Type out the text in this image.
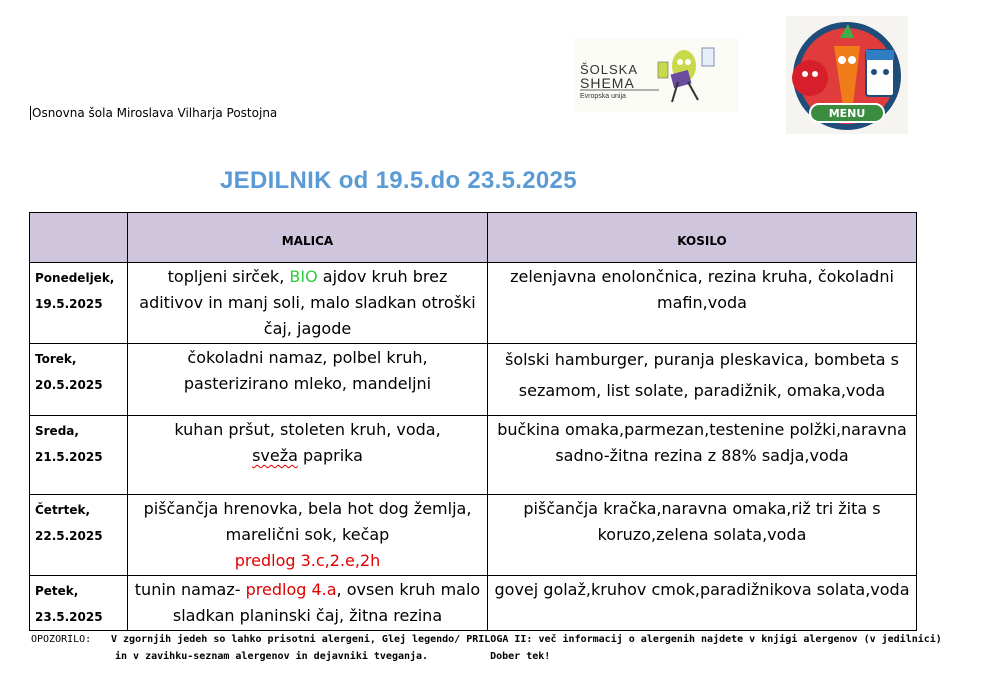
Osnovna šola Miroslava Vilharja Postojna
ŠOLSKA
SHEMA
Evropska unija
MENU
JEDILNIK od 19.5.do 23.5.2025
	MALICA	KOSILO
Ponedeljek,
19.5.2025	topljeni sirček, BIO ajdov kruh brez aditivov in manj soli, malo sladkan otroški čaj, jagode	zelenjavna enolončnica, rezina kruha, čokoladni mafin,voda
Torek,
20.5.2025	čokoladni namaz, polbel kruh, pasterizirano mleko, mandeljni	šolski hamburger, puranja pleskavica, bombeta s sezamom, list solate, paradižnik, omaka,voda
Sreda,
21.5.2025	kuhan pršut, stoleten kruh, voda,
sveža paprika	bučkina omaka,parmezan,testenine polžki,naravna sadno-žitna rezina z 88% sadja,voda
Četrtek,
22.5.2025	piščančja hrenovka, bela hot dog žemlja, marelični sok, kečap
predlog 3.c,2.e,2h	piščančja kračka,naravna omaka,riž tri žita s koruzo,zelena solata,voda
Petek,
23.5.2025	tunin namaz- predlog 4.a, ovsen kruh malo sladkan planinski čaj, žitna rezina	govej golaž,kruhov cmok,paradižnikova solata,voda
OPOZORILO: V zgornjih jedeh so lahko prisotni alergeni, Glej legendo/ PRILOGA II: več informacij o alergenih najdete v knjigi alergenov (v jedilnici)
in v zavihku-seznam alergenov in dejavniki tveganja.	Dober tek!
